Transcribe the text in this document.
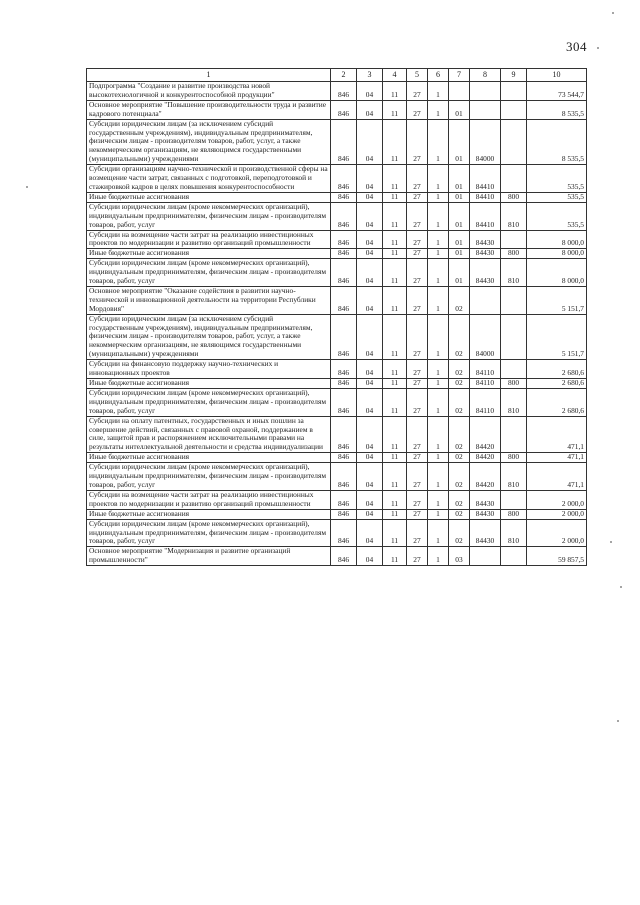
304
1	2	3	4	5	6	7	8	9	10
Подпрограмма "Создание и развитие производства новой высокотехнологичной и конкурентоспособной продукции"	846	04	11	27	1				73 544,7
Основное мероприятие "Повышение производительности труда и развитие кадрового потенциала"	846	04	11	27	1	01			8 535,5
Субсидии юридическим лицам (за исключением субсидий государственным учреждениям), индивидуальным предпринимателям, физическим лицам - производителям товаров, работ, услуг, а также некоммерческим организациям, не являющимся государственными (муниципальными) учреждениями	846	04	11	27	1	01	84000		8 535,5
Субсидии организациям научно-технической и производственной сферы на возмещение части затрат, связанных с подготовкой, переподготовкой и стажировкой кадров в целях повышения конкурентоспособности	846	04	11	27	1	01	84410		535,5
Иные бюджетные ассигнования	846	04	11	27	1	01	84410	800	535,5
Субсидии юридическим лицам (кроме некоммерческих организаций), индивидуальным предпринимателям, физическим лицам - производителям товаров, работ, услуг	846	04	11	27	1	01	84410	810	535,5
Субсидии на возмещение части затрат на реализацию инвестиционных проектов по модернизации и развитию организаций промышленности	846	04	11	27	1	01	84430		8 000,0
Иные бюджетные ассигнования	846	04	11	27	1	01	84430	800	8 000,0
Субсидии юридическим лицам (кроме некоммерческих организаций), индивидуальным предпринимателям, физическим лицам - производителям товаров, работ, услуг	846	04	11	27	1	01	84430	810	8 000,0
Основное мероприятие "Оказание содействия в развитии научно-технической и инновационной деятельности на территории Республики Мордовия"	846	04	11	27	1	02			5 151,7
Субсидии юридическим лицам (за исключением субсидий государственным учреждениям), индивидуальным предпринимателям, физическим лицам - производителям товаров, работ, услуг, а также некоммерческим организациям, не являющимся государственными (муниципальными) учреждениями	846	04	11	27	1	02	84000		5 151,7
Субсидии на финансовую поддержку научно-технических и инновационных проектов	846	04	11	27	1	02	84110		2 680,6
Иные бюджетные ассигнования	846	04	11	27	1	02	84110	800	2 680,6
Субсидии юридическим лицам (кроме некоммерческих организаций), индивидуальным предпринимателям, физическим лицам - производителям товаров, работ, услуг	846	04	11	27	1	02	84110	810	2 680,6
Субсидии на оплату патентных, государственных и иных пошлин за совершение действий, связанных с правовой охраной, поддержанием в силе, защитой прав и распоряжением исключительными правами на результаты интеллектуальной деятельности и средства индивидуализации	846	04	11	27	1	02	84420		471,1
Иные бюджетные ассигнования	846	04	11	27	1	02	84420	800	471,1
Субсидии юридическим лицам (кроме некоммерческих организаций), индивидуальным предпринимателям, физическим лицам - производителям товаров, работ, услуг	846	04	11	27	1	02	84420	810	471,1
Субсидии на возмещение части затрат на реализацию инвестиционных проектов по модернизации и развитию организаций промышленности	846	04	11	27	1	02	84430		2 000,0
Иные бюджетные ассигнования	846	04	11	27	1	02	84430	800	2 000,0
Субсидии юридическим лицам (кроме некоммерческих организаций), индивидуальным предпринимателям, физическим лицам - производителям товаров, работ, услуг	846	04	11	27	1	02	84430	810	2 000,0
Основное мероприятие "Модернизация и развитие организаций промышленности"	846	04	11	27	1	03			59 857,5
